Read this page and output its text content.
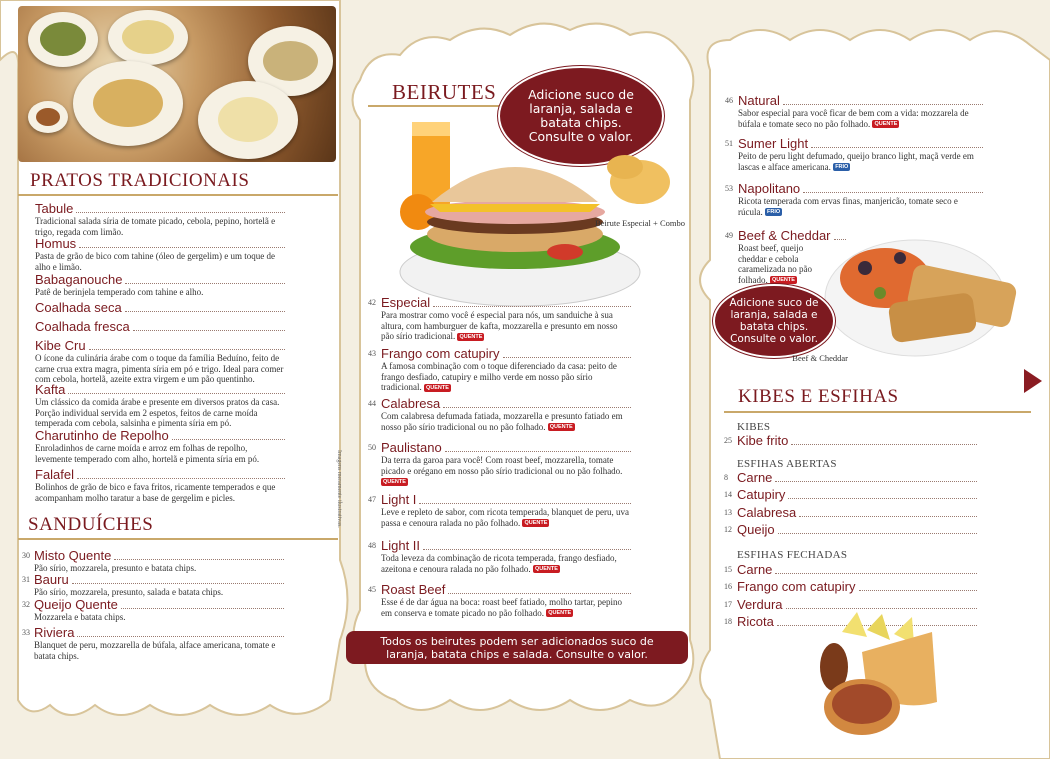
PRATOS TRADICIONAIS
Tabule
Tradicional salada síria de tomate picado, cebola, pepino, hortelã e trigo, regada com limão.
Homus
Pasta de grão de bico com tahine (óleo de gergelim) e um toque de alho e limão.
Babaganouche
Patê de berinjela temperado com tahine e alho.
Coalhada seca
Coalhada fresca
Kibe Cru
O ícone da culinária árabe com o toque da família Beduíno, feito de carne crua extra magra, pimenta síria em pó e trigo. Ideal para comer com cebola, hortelã, azeite extra virgem e um pão quentinho.
Kafta
Um clássico da comida árabe e presente em diversos pratos da casa. Porção individual servida em 2 espetos, feitos de carne moída temperada com cebola, salsinha e pimenta síria em pó.
Charutinho de Repolho
Enroladinhos de carne moída e arroz em folhas de repolho, levemente temperado com alho, hortelã e pimenta síria em pó.
Falafel
Bolinhos de grão de bico e fava fritos, ricamente temperados e que acompanham molho taratur a base de gergelim e picles.
SANDUÍCHES
30 Misto Quente
Pão sírio, mozzarela, presunto e batata chips.
31 Bauru
Pão sírio, mozzarela, presunto, salada e batata chips.
32 Queijo Quente
Mozzarela e batata chips.
33 Riviera
Blanquet de peru, mozzarella de búfala, alface americana, tomate e batata chips.
Imagens meramente ilustrativas.
BEIRUTES	Adicione suco de laranja, salada e batata chips. Consulte o valor.
Beirute Especial + Combo
42 Especial
Para mostrar como você é especial para nós, um sanduiche à sua altura, com hamburguer de kafta, mozzarella e presunto em nosso pão sírio tradicional. QUENTE
43 Frango com catupiry
A famosa combinação com o toque diferenciado da casa: peito de frango desfiado, catupiry e milho verde em nosso pão sírio tradicional. QUENTE
44 Calabresa
Com calabresa defumada fatiada, mozzarella e presunto fatiado em nosso pão sírio tradicional ou no pão folhado. QUENTE
50 Paulistano
Da terra da garoa para você! Com roast beef, mozzarella, tomate picado e orégano em nosso pão sírio tradicional ou no pão folhado. QUENTE
47 Light I
Leve e repleto de sabor, com ricota temperada, blanquet de peru, uva passa e cenoura ralada no pão folhado. QUENTE
48 Light II
Toda leveza da combinação de ricota temperada, frango desfiado, azeitona e cenoura ralada no pão folhado. QUENTE
45 Roast Beef
Esse é de dar água na boca: roast beef fatiado, molho tartar, pepino em conserva e tomate picado no pão folhado. QUENTE
Todos os beirutes podem ser adicionados suco de laranja, batata chips e salada. Consulte o valor.
46 Natural
Sabor especial para você ficar de bem com a vida: mozzarela de búfala e tomate seco no pão folhado. QUENTE
51 Sumer Light
Peito de peru light defumado, queijo branco light, maçã verde em lascas e alface americana. FRIO
53 Napolitano
Ricota temperada com ervas finas, manjericão, tomate seco e rúcula. FRIO
49 Beef & Cheddar
Roast beef, queijo cheddar e cebola caramelizada no pão folhado. QUENTE
Adicione suco de laranja, salada e batata chips. Consulte o valor.
Beef & Cheddar
KIBES E ESFIHAS
KIBES
25 Kibe frito
ESFIHAS ABERTAS
8 Carne
14 Catupiry
13 Calabresa
12 Queijo
ESFIHAS FECHADAS
15 Carne
16 Frango com catupiry
17 Verdura
18 Ricota
